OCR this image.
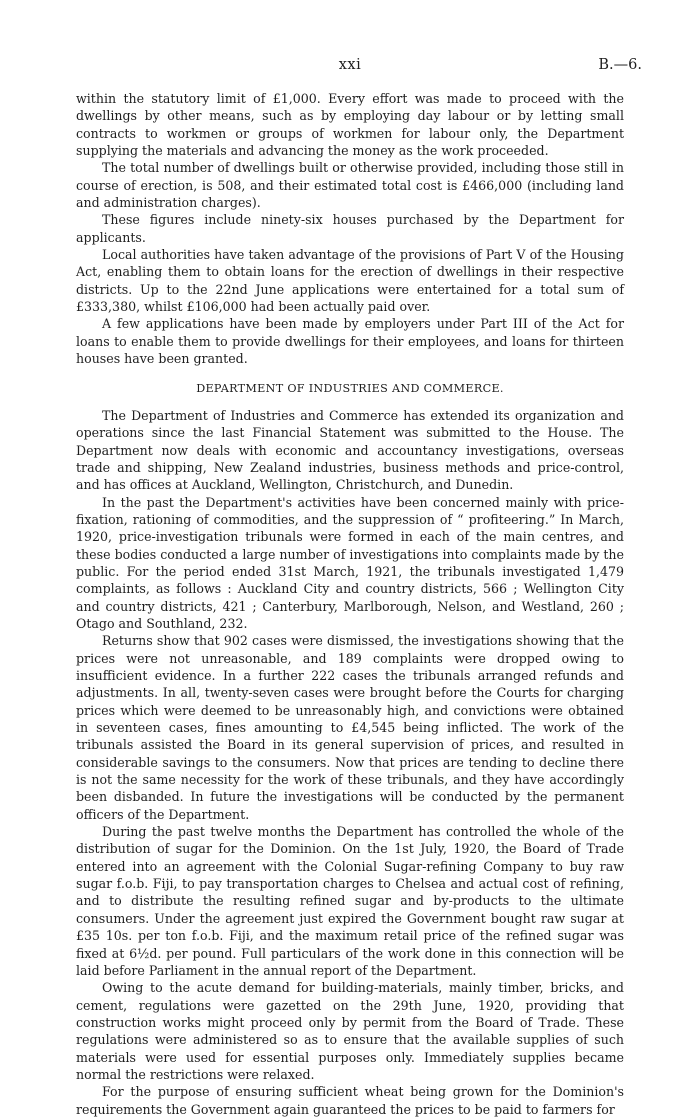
xxi	B.—6.

within the statutory limit of £1,000. Every effort was made to proceed with the dwellings by other means, such as by employing day labour or by letting small contracts to workmen or groups of workmen for labour only, the Department supplying the materials and advancing the money as the work proceeded.

The total number of dwellings built or otherwise provided, including those still in course of erection, is 508, and their estimated total cost is £466,000 (including land and administration charges).

These figures include ninety-six houses purchased by the Department for applicants.

Local authorities have taken advantage of the provisions of Part V of the Housing Act, enabling them to obtain loans for the erection of dwellings in their respective districts. Up to the 22nd June applications were entertained for a total sum of £333,380, whilst £106,000 had been actually paid over.

A few applications have been made by employers under Part III of the Act for loans to enable them to provide dwellings for their employees, and loans for thirteen houses have been granted.

DEPARTMENT OF INDUSTRIES AND COMMERCE.

The Department of Industries and Commerce has extended its organization and operations since the last Financial Statement was submitted to the House. The Department now deals with economic and accountancy investigations, overseas trade and shipping, New Zealand industries, business methods and price-control, and has offices at Auckland, Wellington, Christchurch, and Dunedin.

In the past the Department's activities have been concerned mainly with price-fixation, rationing of commodities, and the suppression of “ profiteering.” In March, 1920, price-investigation tribunals were formed in each of the main centres, and these bodies conducted a large number of investigations into complaints made by the public. For the period ended 31st March, 1921, the tribunals investigated 1,479 complaints, as follows : Auckland City and country districts, 566 ; Wellington City and country districts, 421 ; Canterbury, Marlborough, Nelson, and Westland, 260 ; Otago and Southland, 232.

Returns show that 902 cases were dismissed, the investigations showing that the prices were not unreasonable, and 189 complaints were dropped owing to insufficient evidence. In a further 222 cases the tribunals arranged refunds and adjustments. In all, twenty-seven cases were brought before the Courts for charging prices which were deemed to be unreasonably high, and convictions were obtained in seventeen cases, fines amounting to £4,545 being inflicted. The work of the tribunals assisted the Board in its general supervision of prices, and resulted in considerable savings to the consumers. Now that prices are tending to decline there is not the same necessity for the work of these tribunals, and they have accordingly been disbanded. In future the investigations will be conducted by the permanent officers of the Department.

During the past twelve months the Department has controlled the whole of the distribution of sugar for the Dominion. On the 1st July, 1920, the Board of Trade entered into an agreement with the Colonial Sugar-refining Company to buy raw sugar f.o.b. Fiji, to pay transportation charges to Chelsea and actual cost of refining, and to distribute the resulting refined sugar and by-products to the ultimate consumers. Under the agreement just expired the Government bought raw sugar at £35 10s. per ton f.o.b. Fiji, and the maximum retail price of the refined sugar was fixed at 6½d. per pound. Full particulars of the work done in this connection will be laid before Parliament in the annual report of the Department.

Owing to the acute demand for building-materials, mainly timber, bricks, and cement, regulations were gazetted on the 29th June, 1920, providing that construction works might proceed only by permit from the Board of Trade. These regulations were administered so as to ensure that the available supplies of such materials were used for essential purposes only. Immediately supplies became normal the restrictions were relaxed.

For the purpose of ensuring sufficient wheat being grown for the Dominion's requirements the Government again guaranteed the prices to be paid to farmers for
